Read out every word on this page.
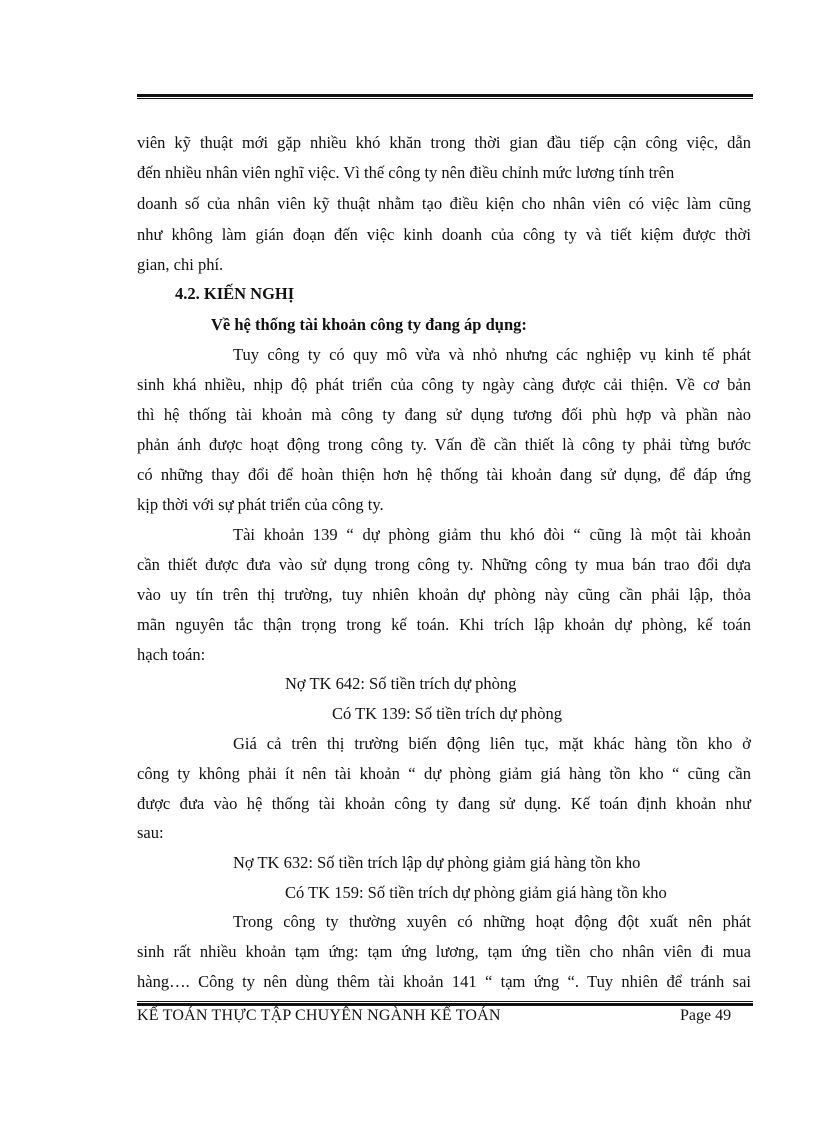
viên kỹ thuật mới gặp nhiều khó khăn trong thời gian đầu tiếp cận công việc, dẫn
đến nhiều nhân viên nghĩ việc. Vì thế công ty nên điều chỉnh mức lương tính trên
doanh số của nhân viên kỹ thuật nhằm tạo điều kiện cho nhân viên có việc làm cũng
như không làm gián đoạn đến việc kinh doanh của công ty và tiết kiệm được thời
gian, chi phí.
4.2. KIẾN NGHỊ
Về hệ thống tài khoản công ty đang áp dụng:
Tuy công ty có quy mô vừa và nhỏ nhưng các nghiệp vụ kinh tế phát
sinh khá nhiều, nhịp độ phát triển của công ty ngày càng được cải thiện. Về cơ bản
thì hệ thống tài khoản mà công ty đang sử dụng tương đối phù hợp và phần nào
phản ánh được hoạt động trong công ty. Vấn đề cần thiết là công ty phải từng bước
có những thay đổi để hoàn thiện hơn hệ thống tài khoản đang sử dụng, để đáp ứng
kịp thời với sự phát triển của công ty.
Tài khoản 139 “ dự phòng giảm thu khó đòi “ cũng là một tài khoản
cần thiết được đưa vào sử dụng trong công ty. Những công ty mua bán trao đổi dựa
vào uy tín trên thị trường, tuy nhiên khoản dự phòng này cũng cần phải lập, thỏa
mãn nguyên tắc thận trọng trong kế toán. Khi trích lập khoản dự phòng, kế toán
hạch toán:
Nợ TK 642: Số tiền trích dự phòng
Có TK 139: Số tiền trích dự phòng
Giá cả trên thị trường biến động liên tục, mặt khác hàng tồn kho ở
công ty không phải ít nên tài khoản “ dự phòng giảm giá hàng tồn kho “ cũng cần
được đưa vào hệ thống tài khoản công ty đang sử dụng. Kế toán định khoản như
sau:
Nợ TK 632: Số tiền trích lập dự phòng giảm giá hàng tồn kho
Có TK 159: Số tiền trích dự phòng giảm giá hàng tồn kho
Trong công ty thường xuyên có những hoạt động đột xuất nên phát
sinh rất nhiều khoản tạm ứng: tạm ứng lương, tạm ứng tiền cho nhân viên đi mua
hàng…. Công ty nên dùng thêm tài khoản 141 “ tạm ứng “. Tuy nhiên để tránh sai
KẾ TOÁN THỰC TẬP CHUYÊN NGÀNH KẾ TOÁN	Page 49
